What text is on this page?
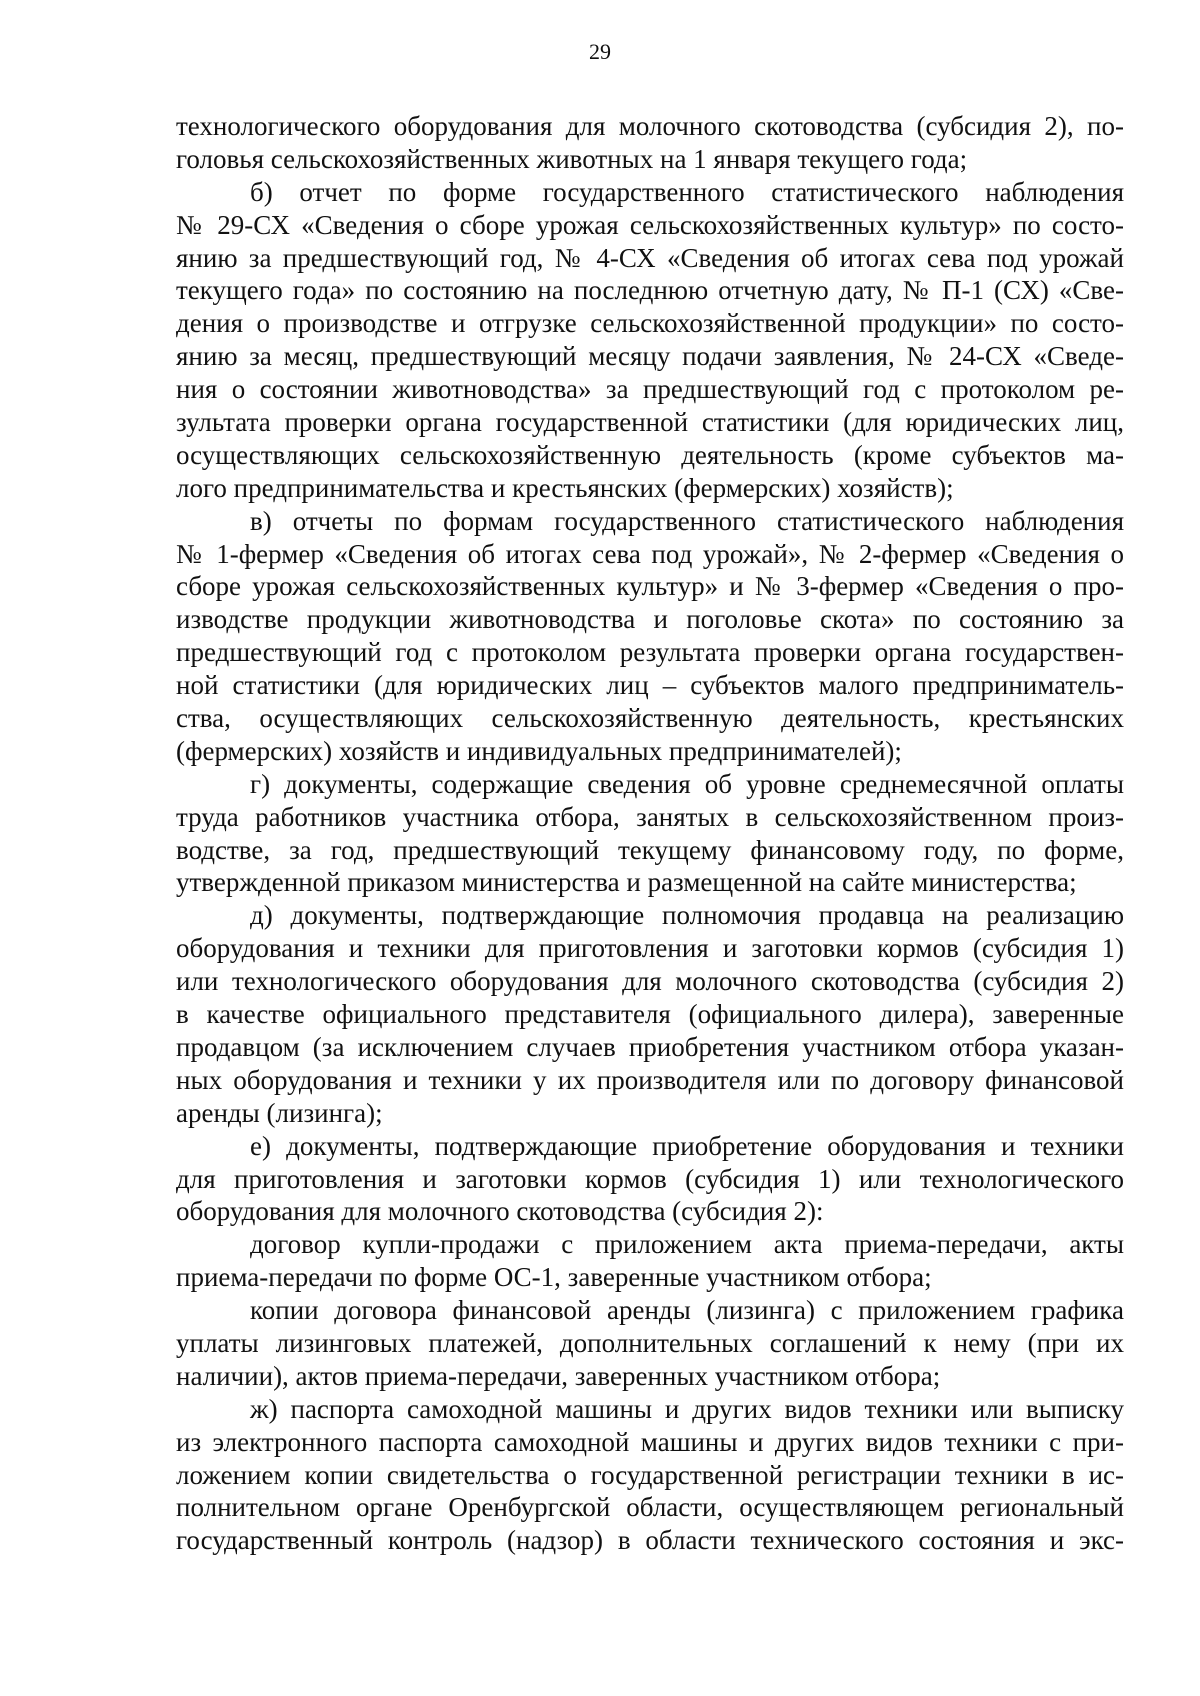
29
технологического оборудования для молочного скотоводства (субсидия 2), по-
головья сельскохозяйственных животных на 1 января текущего года;
б) отчет по форме государственного статистического наблюдения
№ 29-СХ «Сведения о сборе урожая сельскохозяйственных культур» по состо-
янию за предшествующий год, № 4-СХ «Сведения об итогах сева под урожай
текущего года» по состоянию на последнюю отчетную дату, № П-1 (СХ) «Све-
дения о производстве и отгрузке сельскохозяйственной продукции» по состо-
янию за месяц, предшествующий месяцу подачи заявления, № 24-СХ «Сведе-
ния о состоянии животноводства» за предшествующий год с протоколом ре-
зультата проверки органа государственной статистики (для юридических лиц,
осуществляющих сельскохозяйственную деятельность (кроме субъектов ма-
лого предпринимательства и крестьянских (фермерских) хозяйств);
в) отчеты по формам государственного статистического наблюдения
№ 1-фермер «Сведения об итогах сева под урожай», № 2-фермер «Сведения о
сборе урожая сельскохозяйственных культур» и № 3-фермер «Сведения о про-
изводстве продукции животноводства и поголовье скота» по состоянию за
предшествующий год с протоколом результата проверки органа государствен-
ной статистики (для юридических лиц – субъектов малого предприниматель-
ства, осуществляющих сельскохозяйственную деятельность, крестьянских
(фермерских) хозяйств и индивидуальных предпринимателей);
г) документы, содержащие сведения об уровне среднемесячной оплаты
труда работников участника отбора, занятых в сельскохозяйственном произ-
водстве, за год, предшествующий текущему финансовому году, по форме,
утвержденной приказом министерства и размещенной на сайте министерства;
д) документы, подтверждающие полномочия продавца на реализацию
оборудования и техники для приготовления и заготовки кормов (субсидия 1)
или технологического оборудования для молочного скотоводства (субсидия 2)
в качестве официального представителя (официального дилера), заверенные
продавцом (за исключением случаев приобретения участником отбора указан-
ных оборудования и техники у их производителя или по договору финансовой
аренды (лизинга);
е) документы, подтверждающие приобретение оборудования и техники
для приготовления и заготовки кормов (субсидия 1) или технологического
оборудования для молочного скотоводства (субсидия 2):
договор купли-продажи с приложением акта приема-передачи, акты
приема-передачи по форме ОС-1, заверенные участником отбора;
копии договора финансовой аренды (лизинга) с приложением графика
уплаты лизинговых платежей, дополнительных соглашений к нему (при их
наличии), актов приема-передачи, заверенных участником отбора;
ж) паспорта самоходной машины и других видов техники или выписку
из электронного паспорта самоходной машины и других видов техники с при-
ложением копии свидетельства о государственной регистрации техники в ис-
полнительном органе Оренбургской области, осуществляющем региональный
государственный контроль (надзор) в области технического состояния и экс-
